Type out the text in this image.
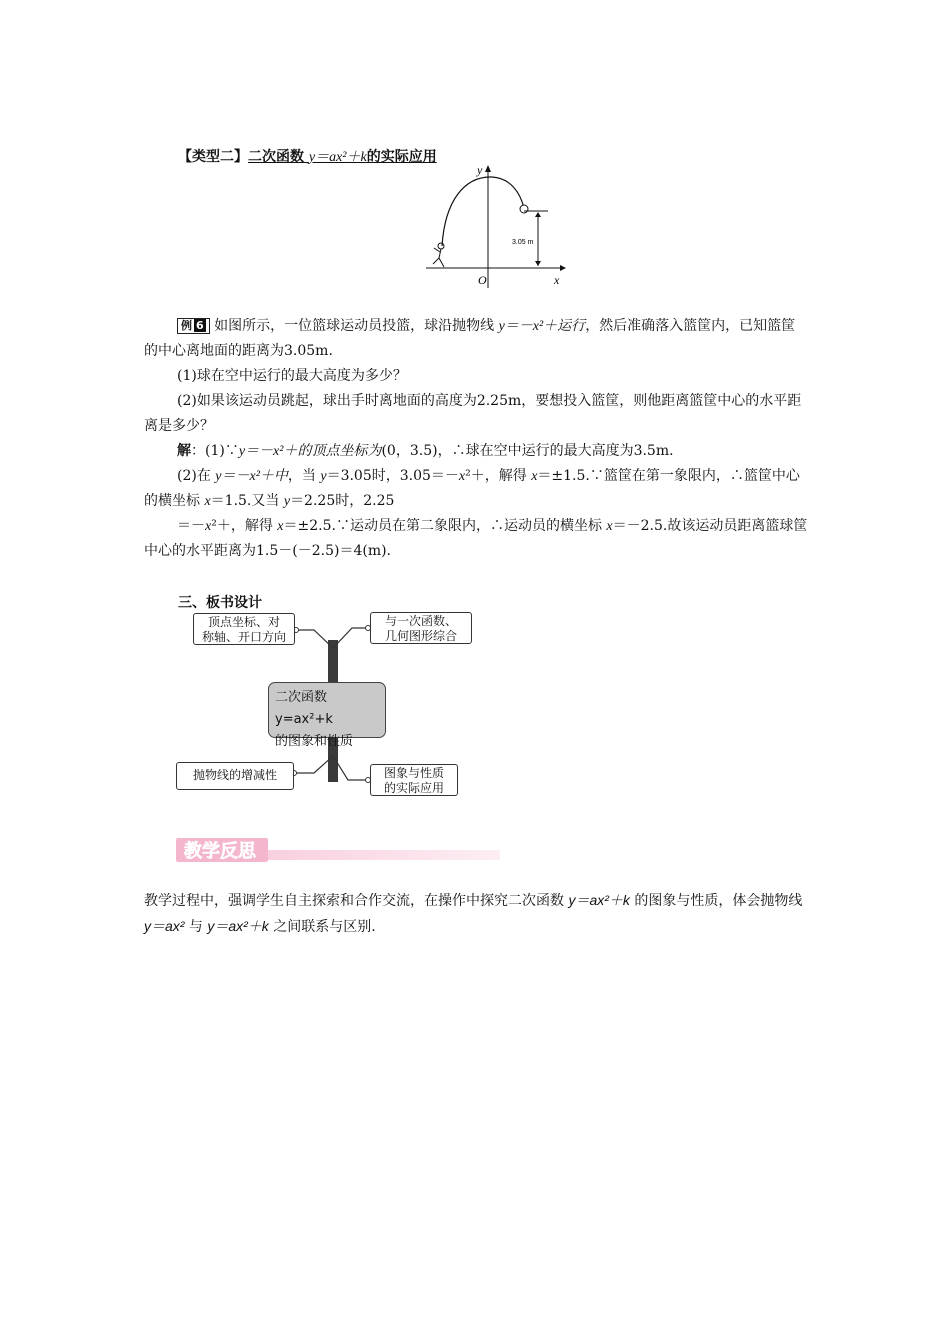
【类型二】二次函数 y＝ax²＋k的实际应用
y
x
O
3.05 m

例 6 如图所示，一位篮球运动员投篮，球沿抛物线 y＝－x²＋运行，然后准确落入篮筐内，已知篮筐的中心离地面的距离为3.05m.

(1)球在空中运行的最大高度为多少？

(2)如果该运动员跳起，球出手时离地面的高度为2.25m，要想投入篮筐，则他距离篮筐中心的水平距离是多少？

解：(1)∵y＝－x²＋的顶点坐标为(0，3.5)，∴球在空中运行的最大高度为3.5m.

(2)在 y＝－x²＋中，当 y＝3.05时，3.05＝－x²＋，解得 x＝±1.5.∵篮筐在第一象限内，∴篮筐中心的横坐标 x＝1.5.又当 y＝2.25时，2.25

＝－x²＋，解得 x＝±2.5.∵运动员在第二象限内，∴运动员的横坐标 x＝－2.5.故该运动员距离篮球筐中心的水平距离为1.5－(－2.5)＝4(m).

三、板书设计
顶点坐标、对
称轴、开口方向
与一次函数、
几何图形综合
二次函数y=ax²+k
的图象和性质
抛物线的增减性	图象与性质
的实际应用
教学反思
教学过程中，强调学生自主探索和合作交流，在操作中探究二次函数 y＝ax²＋k 的图象与性质，体会抛物线 y＝ax² 与 y＝ax²＋k 之间联系与区别.
